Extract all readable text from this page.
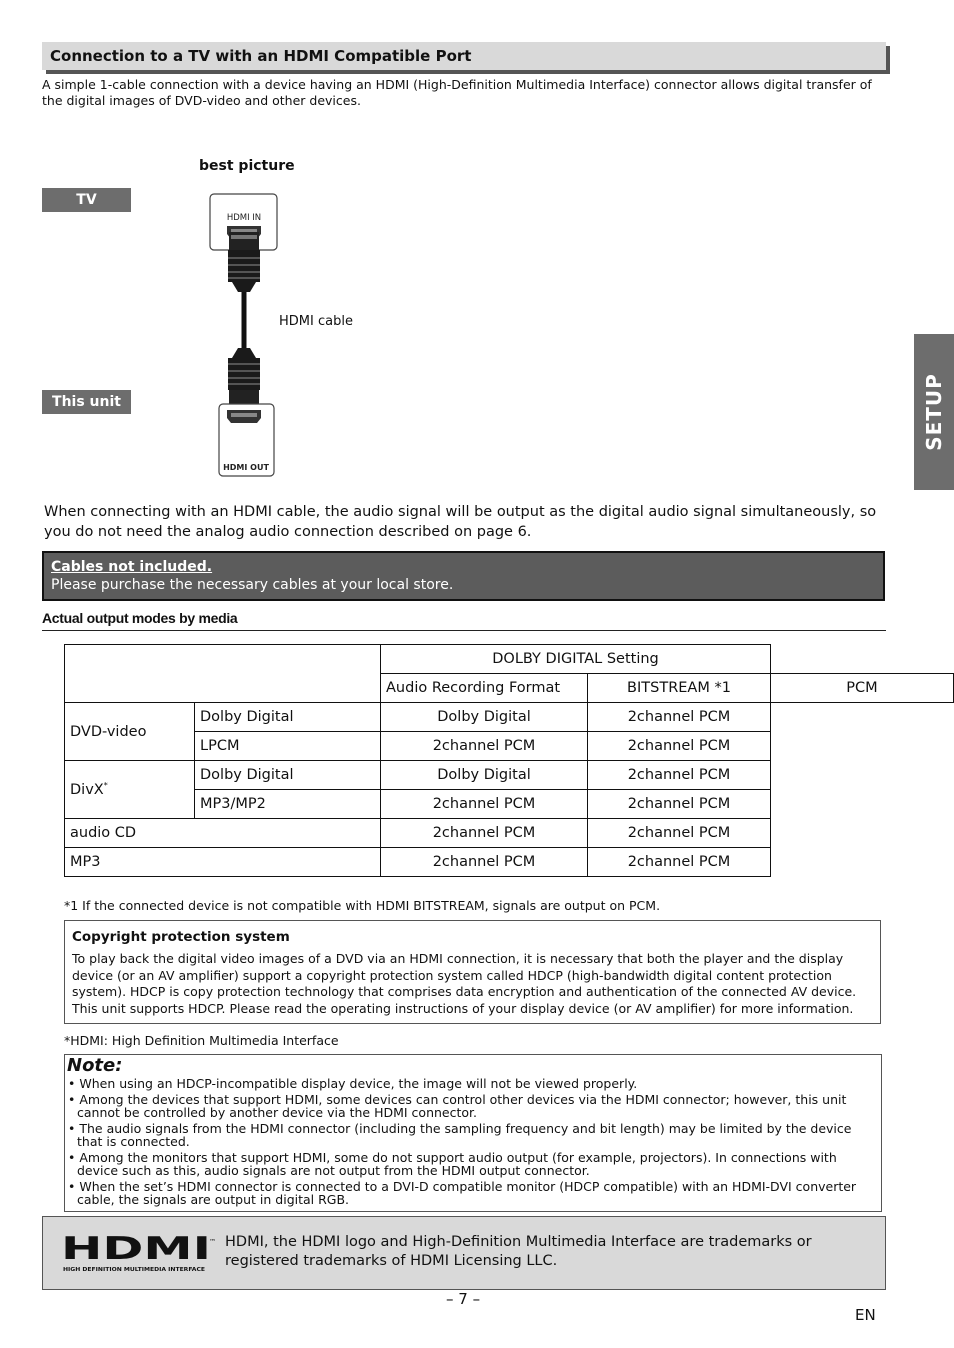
Connection to a TV with an HDMI Compatible Port
A simple 1-cable connection with a device having an HDMI (High-Definition Multimedia Interface) connector allows digital transfer of the digital images of DVD-video and other devices.
best picture
TV
This unit
HDMI cable
HDMI IN
HDMI OUT
SETUP
When connecting with an HDMI cable, the audio signal will be output as the digital audio signal simultaneously, so you do not need the analog audio connection described on page 6.
Cables not included.
Please purchase the necessary cables at your local store.
Actual output modes by media
		DOLBY DIGITAL Setting		
		Audio Recording Format	BITSTREAM *1	PCM
DVD-video	Dolby Digital	Dolby Digital	2channel PCM	
	LPCM	2channel PCM	2channel PCM	
DivX*	Dolby Digital	Dolby Digital	2channel PCM	
	MP3/MP2	2channel PCM	2channel PCM	
audio CD		2channel PCM	2channel PCM	
MP3		2channel PCM	2channel PCM	
*1 If the connected device is not compatible with HDMI BITSTREAM, signals are output on PCM.
Copyright protection system
To play back the digital video images of a DVD via an HDMI connection, it is necessary that both the player and the display device (or an AV amplifier) support a copyright protection system called HDCP (high-bandwidth digital content protection system). HDCP is copy protection technology that comprises data encryption and authentication of the connected AV device.
This unit supports HDCP. Please read the operating instructions of your display device (or AV amplifier) for more information.
*HDMI: High Definition Multimedia Interface
Note:
• When using an HDCP-incompatible display device, the image will not be viewed properly.
• Among the devices that support HDMI, some devices can control other devices via the HDMI connector; however, this unit cannot be controlled by another device via the HDMI connector.
• The audio signals from the HDMI connector (including the sampling frequency and bit length) may be limited by the device that is connected.
• Among the monitors that support HDMI, some do not support audio output (for example, projectors). In connections with device such as this, audio signals are not output from the HDMI output connector.
• When the set’s HDMI connector is connected to a DVI-D compatible monitor (HDCP compatible) with an HDMI-DVI converter cable, the signals are output in digital RGB.
HDMI
™
HIGH DEFINITION MULTIMEDIA INTERFACE
HDMI, the HDMI logo and High-Definition Multimedia Interface are trademarks or registered trademarks of HDMI Licensing LLC.
– 7 –
EN
